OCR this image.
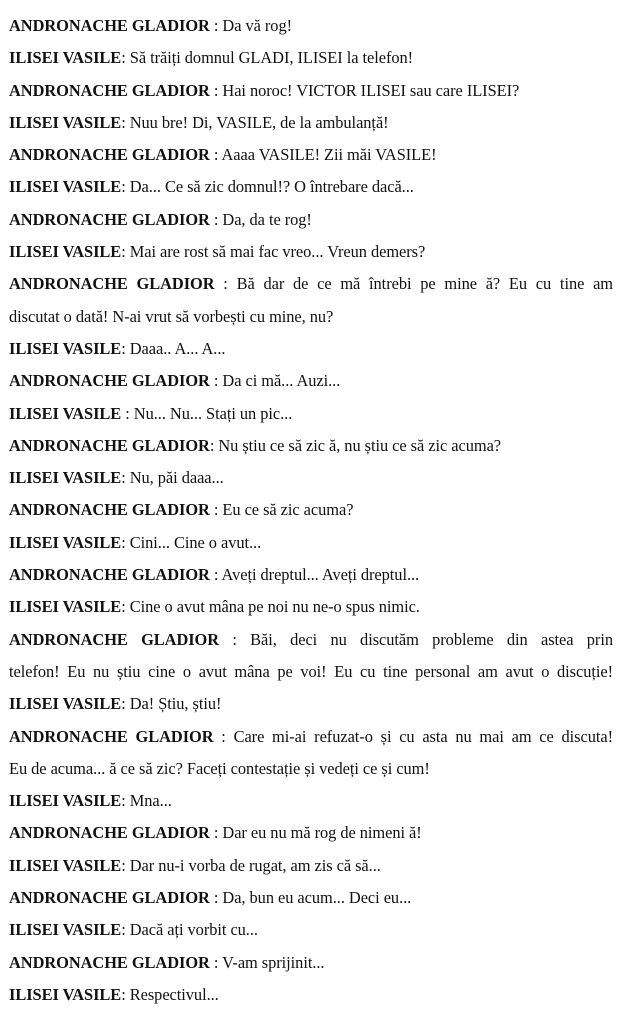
ANDRONACHE GLADIOR : Da vă rog!
ILISEI VASILE: Să trăiți domnul GLADI, ILISEI la telefon!
ANDRONACHE GLADIOR : Hai noroc! VICTOR ILISEI sau care ILISEI?
ILISEI VASILE: Nuu bre! Di, VASILE, de la ambulanță!
ANDRONACHE GLADIOR : Aaaa VASILE! Zii măi VASILE!
ILISEI VASILE: Da... Ce să zic domnul!? O întrebare dacă...
ANDRONACHE GLADIOR : Da, da te rog!
ILISEI VASILE: Mai are rost să mai fac vreo... Vreun demers?
ANDRONACHE GLADIOR : Bă dar de ce mă întrebi pe mine ă? Eu cu tine am
discutat o dată! N-ai vrut să vorbești cu mine, nu?
ILISEI VASILE: Daaa.. A... A...
ANDRONACHE GLADIOR : Da ci mă... Auzi...
ILISEI VASILE : Nu... Nu... Stați un pic...
ANDRONACHE GLADIOR: Nu știu ce să zic ă, nu știu ce să zic acuma?
ILISEI VASILE: Nu, păi daaa...
ANDRONACHE GLADIOR : Eu ce să zic acuma?
ILISEI VASILE: Cini... Cine o avut...
ANDRONACHE GLADIOR : Aveți dreptul... Aveți dreptul...
ILISEI VASILE: Cine o avut mâna pe noi nu ne-o spus nimic.
ANDRONACHE GLADIOR : Băi, deci nu discutăm probleme din astea prin
telefon! Eu nu știu cine o avut mâna pe voi! Eu cu tine personal am avut o discuție!
ILISEI VASILE: Da! Știu, știu!
ANDRONACHE GLADIOR : Care mi-ai refuzat-o și cu asta nu mai am ce discuta!
Eu de acuma... ă ce să zic? Faceți contestație și vedeți ce și cum!
ILISEI VASILE: Mna...
ANDRONACHE GLADIOR : Dar eu nu mă rog de nimeni ă!
ILISEI VASILE: Dar nu-i vorba de rugat, am zis că să...
ANDRONACHE GLADIOR : Da, bun eu acum... Deci eu...
ILISEI VASILE: Dacă ați vorbit cu...
ANDRONACHE GLADIOR : V-am sprijinit...
ILISEI VASILE: Respectivul...
